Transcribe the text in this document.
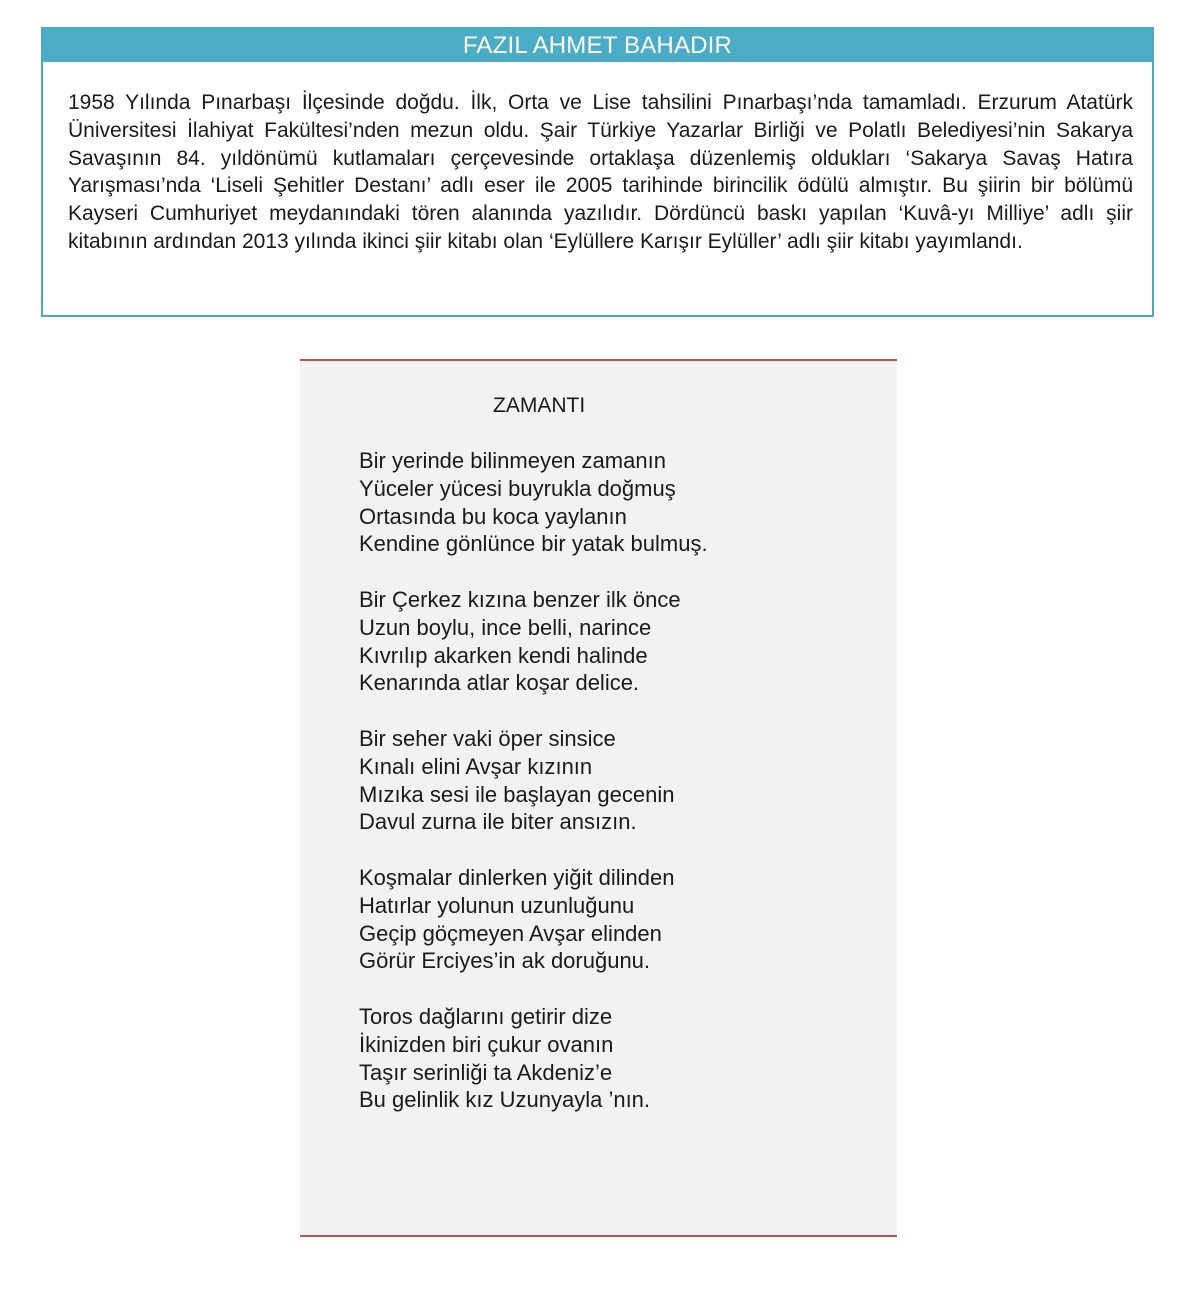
FAZIL AHMET BAHADIR

1958 Yılında Pınarbaşı İlçesinde doğdu. İlk, Orta ve Lise tahsilini Pınarbaşı’nda tamamladı. Erzurum Atatürk Üniversitesi İlahiyat Fakültesi’nden mezun oldu. Şair Türkiye Yazarlar Birliği ve Polatlı Belediyesi’nin Sakarya Savaşının 84. yıldönümü kutlamaları çerçevesinde ortaklaşa düzenlemiş oldukları ‘Sakarya Savaş Hatıra Yarışması’nda ‘Liseli Şehitler Destanı’ adlı eser ile 2005 tarihinde birincilik ödülü almıştır. Bu şiirin bir bölümü Kayseri Cumhuriyet meydanındaki tören alanında yazılıdır. Dördüncü baskı yapılan ‘Kuvâ-yı Milliye’ adlı şiir kitabının ardından 2013 yılında ikinci şiir kitabı olan ‘Eylüllere Karışır Eylüller’ adlı şiir kitabı yayımlandı.

ZAMANTI
Bir yerinde bilinmeyen zamanın
Yüceler yücesi buyrukla doğmuş
Ortasında bu koca yaylanın
Kendine gönlünce bir yatak bulmuş.
Bir Çerkez kızına benzer ilk önce
Uzun boylu, ince belli, narince
Kıvrılıp akarken kendi halinde
Kenarında atlar koşar delice.
Bir seher vaki öper sinsice
Kınalı elini Avşar kızının
Mızıka sesi ile başlayan gecenin
Davul zurna ile biter ansızın.
Koşmalar dinlerken yiğit dilinden
Hatırlar yolunun uzunluğunu
Geçip göçmeyen Avşar elinden
Görür Erciyes’in ak doruğunu.
Toros dağlarını getirir dize
İkinizden biri çukur ovanın
Taşır serinliği ta Akdeniz’e
Bu gelinlik kız Uzunyayla ’nın.
